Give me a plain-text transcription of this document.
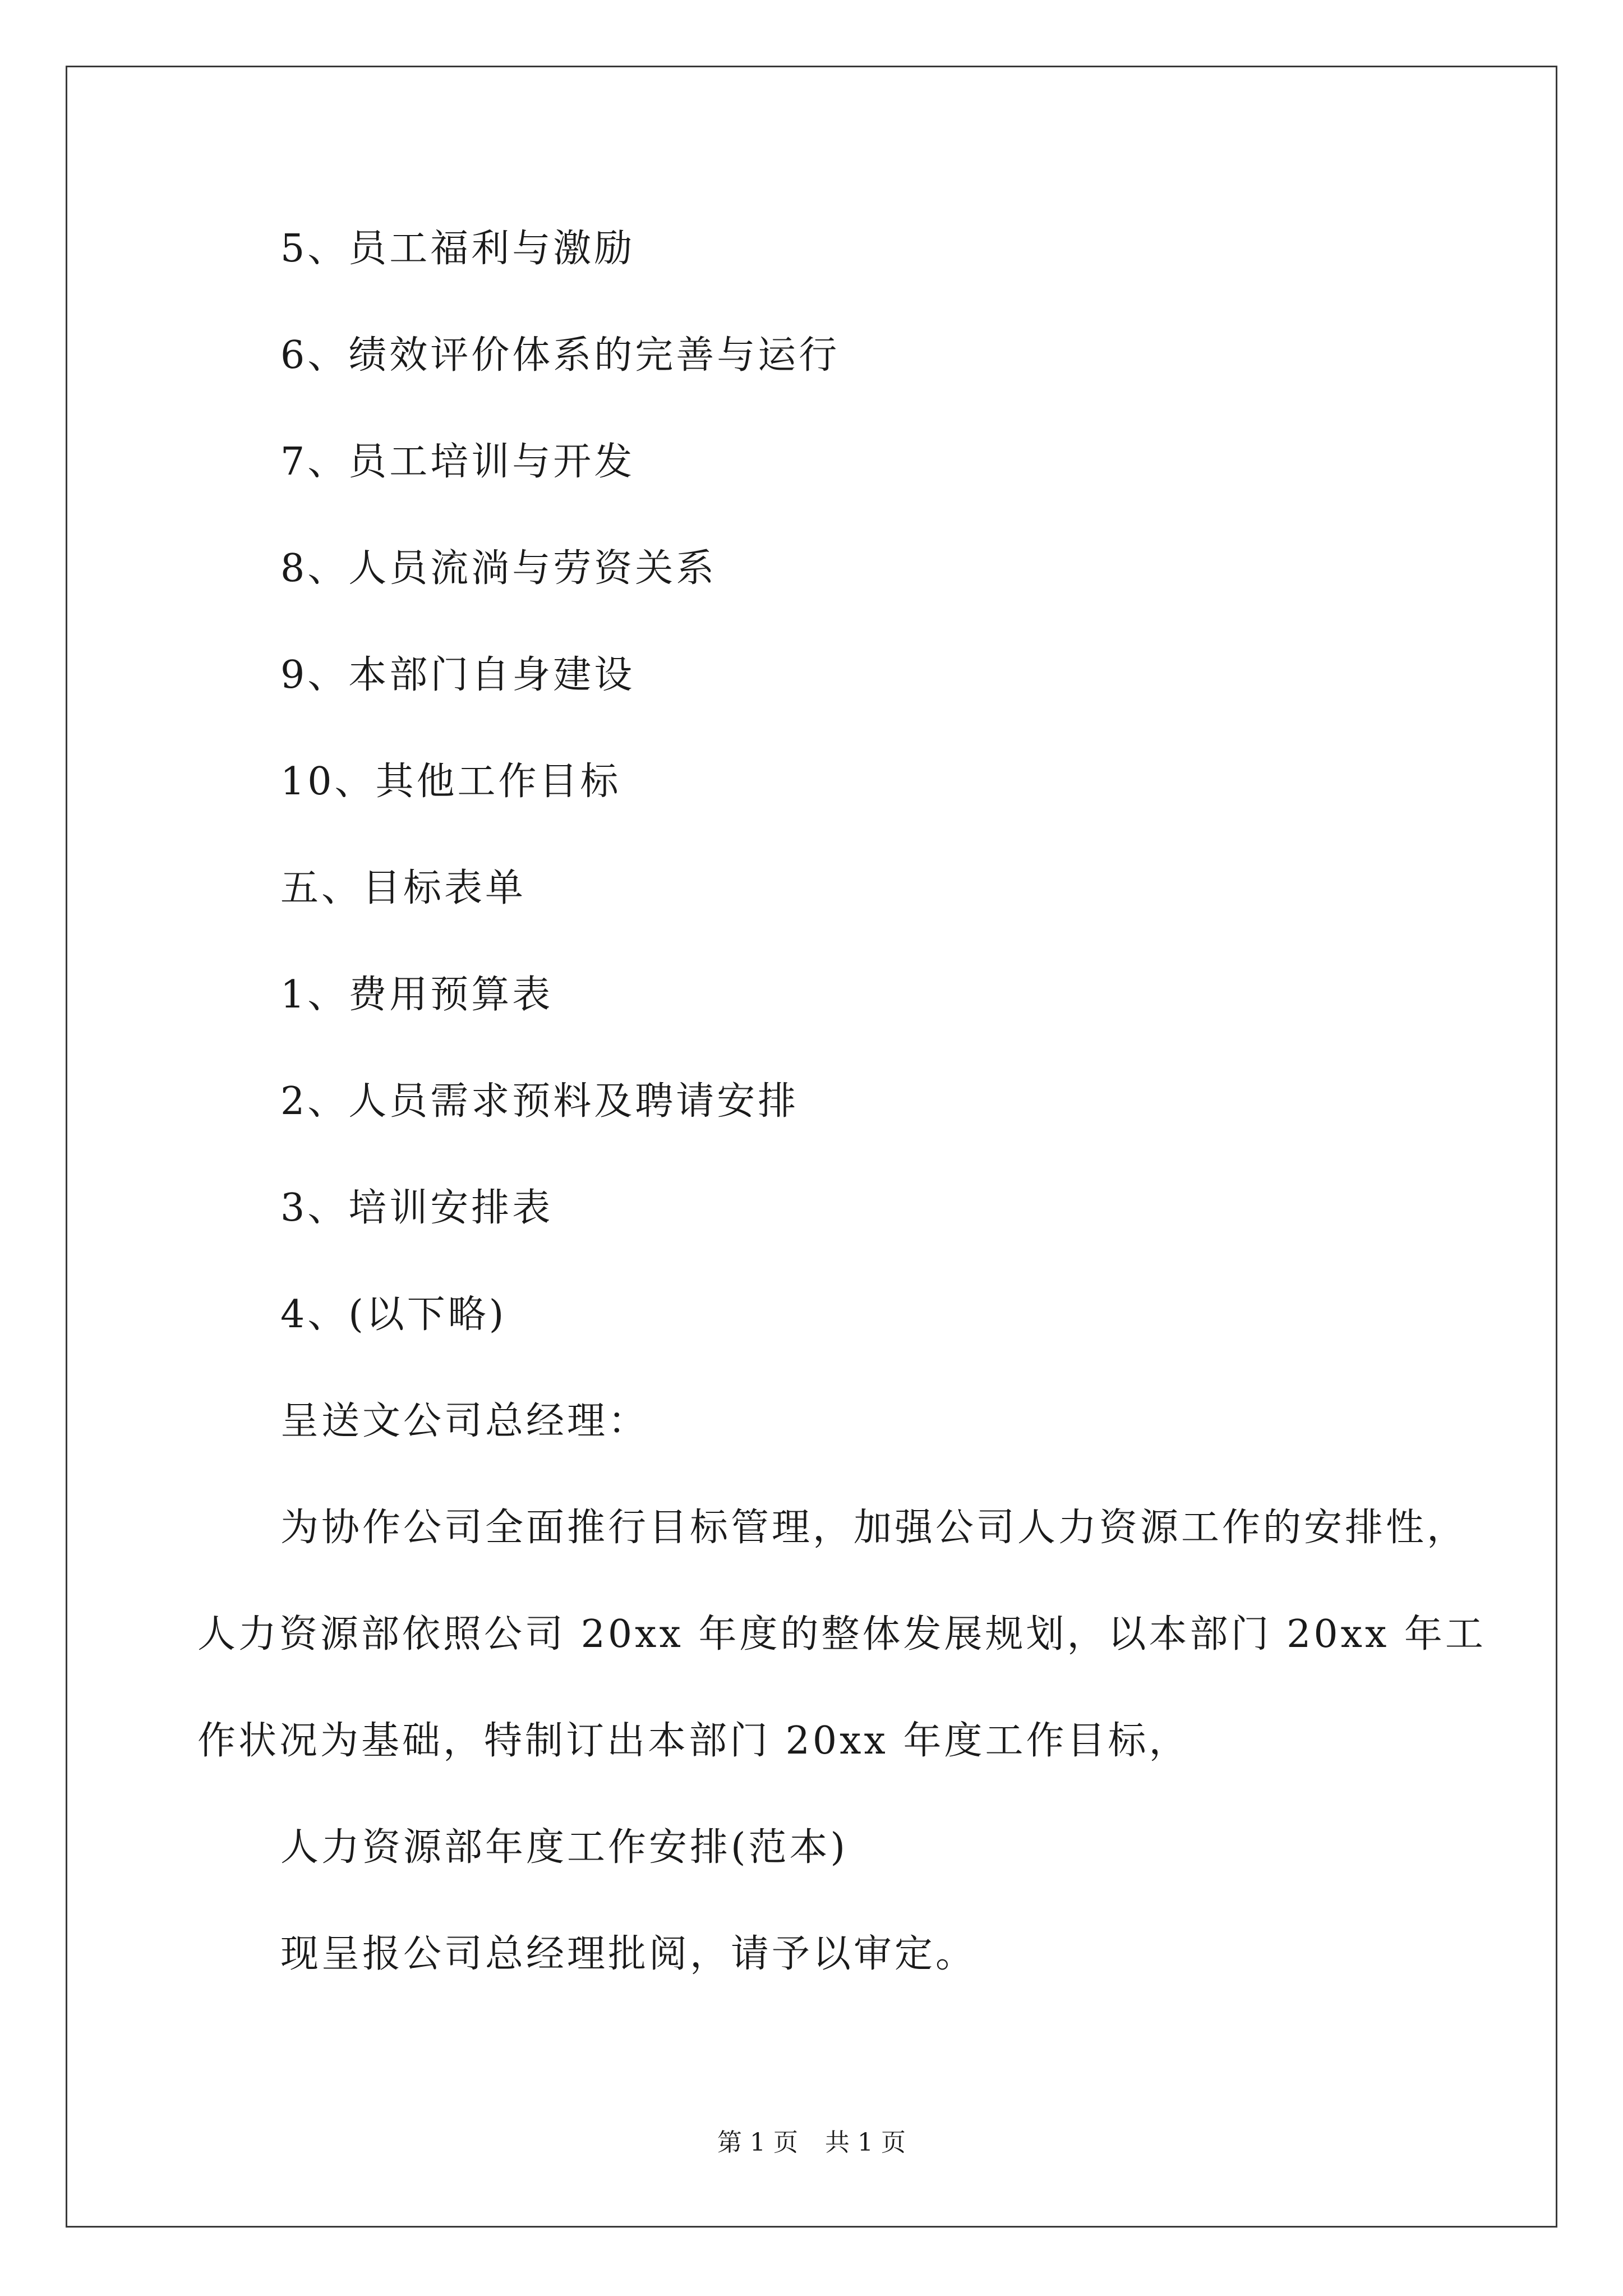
5、员工福利与激励

6、绩效评价体系的完善与运行

7、员工培训与开发

8、人员流淌与劳资关系

9、本部门自身建设

10、其他工作目标

五、目标表单

1、费用预算表

2、人员需求预料及聘请安排

3、培训安排表

4、(以下略)

呈送文公司总经理：

为协作公司全面推行目标管理，加强公司人力资源工作的安排性，

人力资源部依照公司 20xx 年度的整体发展规划，以本部门 20xx 年工

作状况为基础，特制订出本部门 20xx 年度工作目标，

人力资源部年度工作安排(范本)

现呈报公司总经理批阅，请予以审定。

第 1 页 共 1 页
